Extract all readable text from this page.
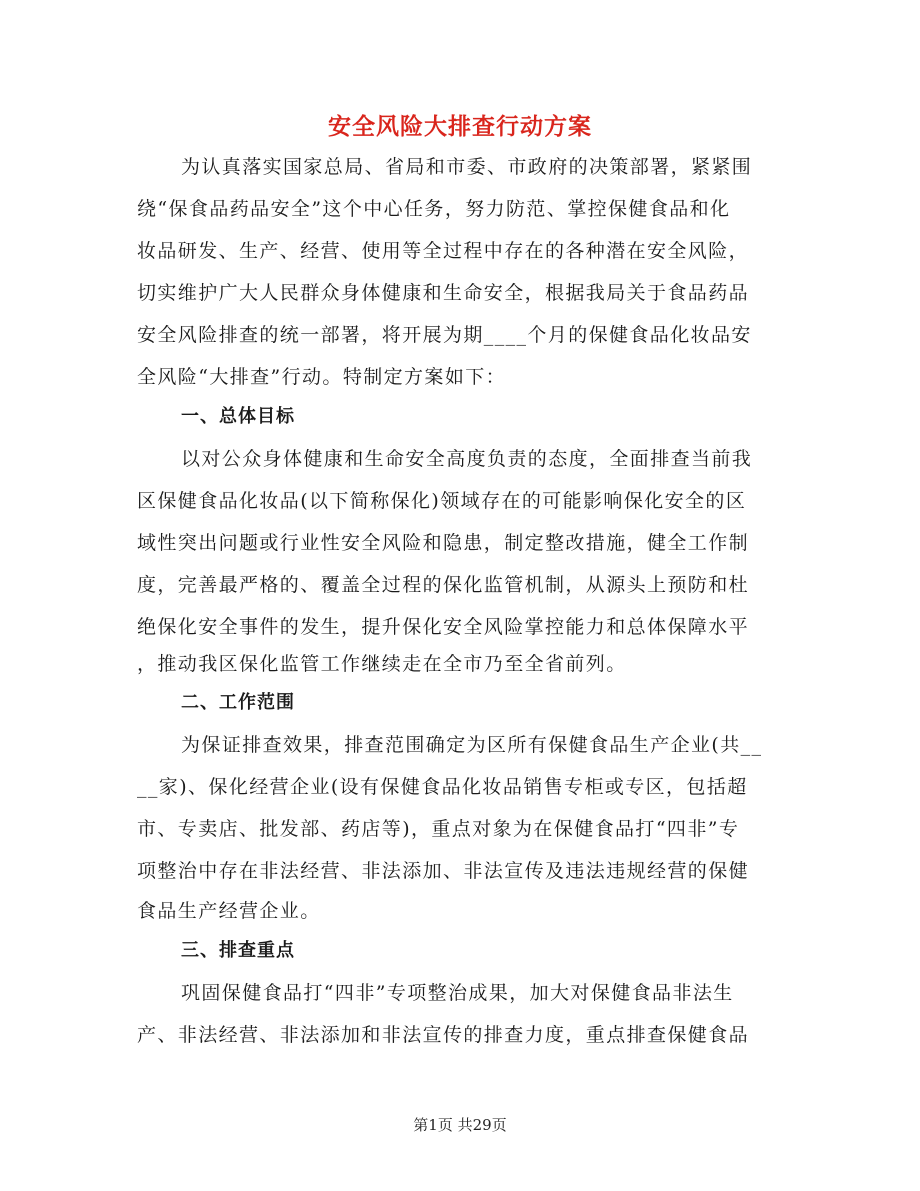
安全风险大排查行动方案
为认真落实国家总局、省局和市委、市政府的决策部署，紧紧围
绕“保食品药品安全”这个中心任务，努力防范、掌控保健食品和化
妆品研发、生产、经营、使用等全过程中存在的各种潜在安全风险，
切实维护广大人民群众身体健康和生命安全，根据我局关于食品药品
安全风险排查的统一部署，将开展为期____个月的保健食品化妆品安
全风险“大排查”行动。特制定方案如下：
一、总体目标
以对公众身体健康和生命安全高度负责的态度，全面排查当前我
区保健食品化妆品(以下简称保化)领域存在的可能影响保化安全的区
域性突出问题或行业性安全风险和隐患，制定整改措施，健全工作制
度，完善最严格的、覆盖全过程的保化监管机制，从源头上预防和杜
绝保化安全事件的发生，提升保化安全风险掌控能力和总体保障水平
，推动我区保化监管工作继续走在全市乃至全省前列。
二、工作范围
为保证排查效果，排查范围确定为区所有保健食品生产企业(共__
__家)、保化经营企业(设有保健食品化妆品销售专柜或专区，包括超
市、专卖店、批发部、药店等)，重点对象为在保健食品打“四非”专
项整治中存在非法经营、非法添加、非法宣传及违法违规经营的保健
食品生产经营企业。
三、排查重点
巩固保健食品打“四非”专项整治成果，加大对保健食品非法生
产、非法经营、非法添加和非法宣传的排查力度，重点排查保健食品
第1页 共29页
